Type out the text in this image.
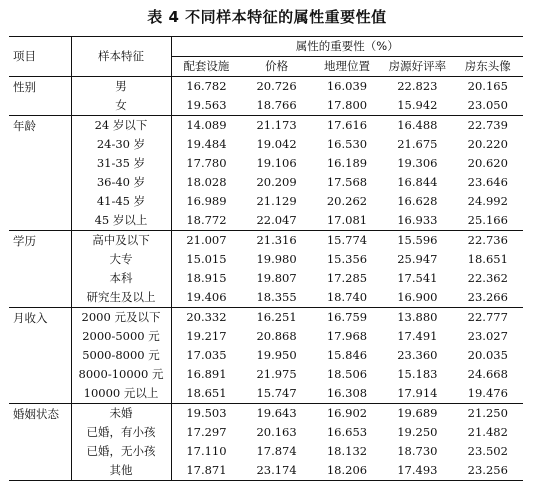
表 4 不同样本特征的属性重要性值
项目	样本特征	属性的重要性（%）				
		配套设施	价格	地理位置	房源好评率	房东头像
性别	男	16.782	20.726	16.039	22.823	20.165
	女	19.563	18.766	17.800	15.942	23.050
年龄	24 岁以下	14.089	21.173	17.616	16.488	22.739
	24-30 岁	19.484	19.042	16.530	21.675	20.220
	31-35 岁	17.780	19.106	16.189	19.306	20.620
	36-40 岁	18.028	20.209	17.568	16.844	23.646
	41-45 岁	16.989	21.129	20.262	16.628	24.992
	45 岁以上	18.772	22.047	17.081	16.933	25.166
学历	高中及以下	21.007	21.316	15.774	15.596	22.736
	大专	15.015	19.980	15.356	25.947	18.651
	本科	18.915	19.807	17.285	17.541	22.362
	研究生及以上	19.406	18.355	18.740	16.900	23.266
月收入	2000 元及以下	20.332	16.251	16.759	13.880	22.777
	2000-5000 元	19.217	20.868	17.968	17.491	23.027
	5000-8000 元	17.035	19.950	15.846	23.360	20.035
	8000-10000 元	16.891	21.975	18.506	15.183	24.668
	10000 元以上	18.651	15.747	16.308	17.914	19.476
婚姻状态	未婚	19.503	19.643	16.902	19.689	21.250
	已婚，有小孩	17.297	20.163	16.653	19.250	21.482
	已婚，无小孩	17.110	17.874	18.132	18.730	23.502
	其他	17.871	23.174	18.206	17.493	23.256
